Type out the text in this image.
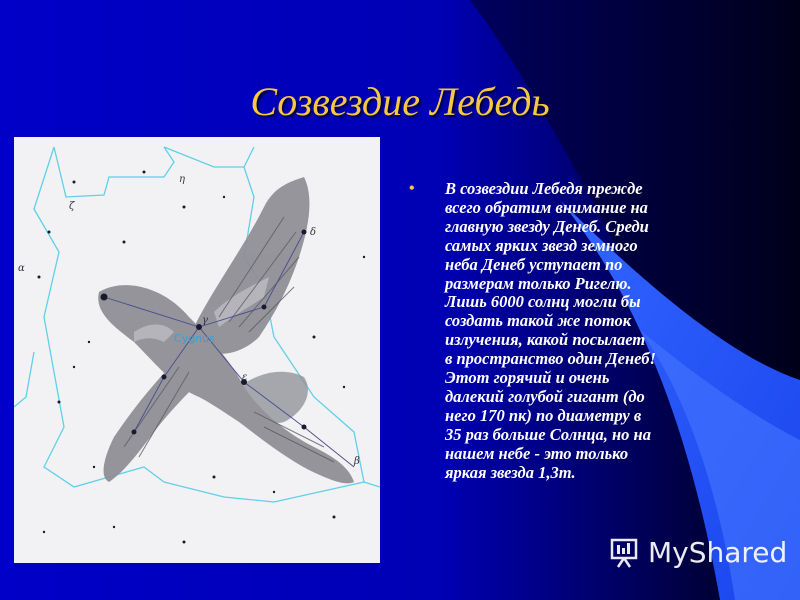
Созвездие Лебедь
α
ζ
η
ε
δ
γ
β
Cygnus
• В созвездии Лебедя прежде
всего обратим внимание на
главную звезду Денеб. Среди
самых ярких звезд земного
неба Денеб уступает по
размерам только Ригелю.
Лишь 6000 солнц могли бы
создать такой же поток
излучения, какой посылает
в пространство один Денеб!
Этот горячий и очень
далекий голубой гигант (до
него 170 пк) по диаметру в
35 раз больше Солнца, но на
нашем небе - это только
яркая звезда 1,3m.
MyShared
